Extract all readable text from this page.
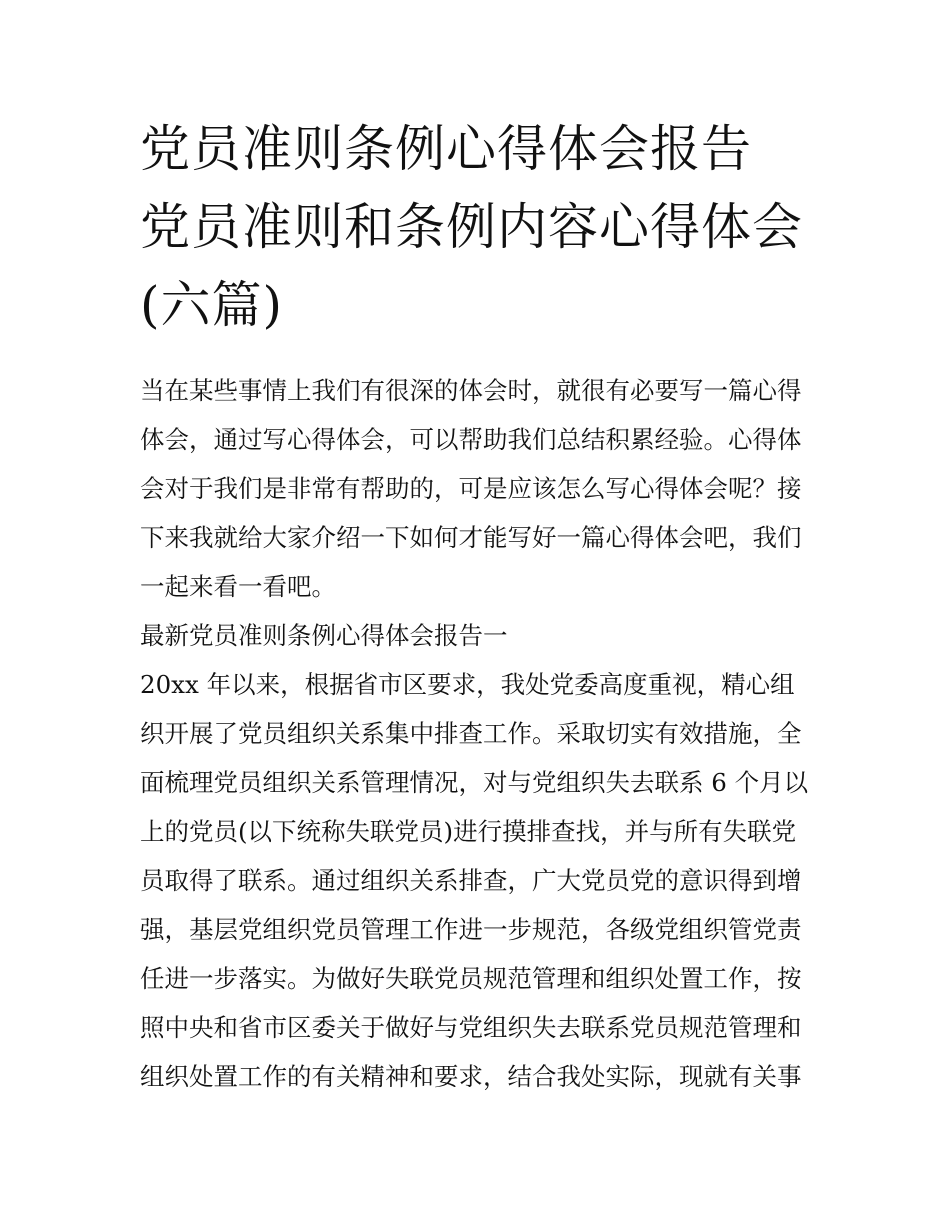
党员准则条例心得体会报告 党员准则和条例内容心得体会(六篇)

当在某些事情上我们有很深的体会时，就很有必要写一篇心得体会，通过写心得体会，可以帮助我们总结积累经验。心得体会对于我们是非常有帮助的，可是应该怎么写心得体会呢？接下来我就给大家介绍一下如何才能写好一篇心得体会吧，我们一起来看一看吧。

最新党员准则条例心得体会报告一

20xx 年以来，根据省市区要求，我处党委高度重视，精心组织开展了党员组织关系集中排查工作。采取切实有效措施，全面梳理党员组织关系管理情况，对与党组织失去联系 6 个月以上的党员(以下统称失联党员)进行摸排查找，并与所有失联党员取得了联系。通过组织关系排查，广大党员党的意识得到增强，基层党组织党员管理工作进一步规范，各级党组织管党责任进一步落实。为做好失联党员规范管理和组织处置工作，按照中央和省市区委关于做好与党组织失去联系党员规范管理和组织处置工作的有关精神和要求，结合我处实际，现就有关事
